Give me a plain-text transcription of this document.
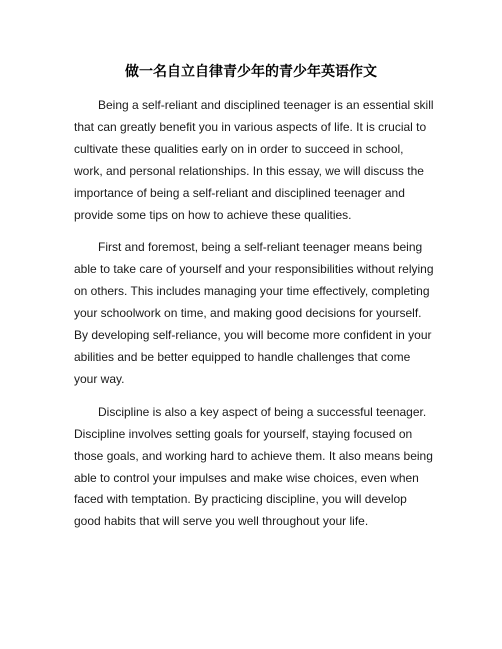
做一名自立自律青少年的青少年英语作文

Being a self-reliant and disciplined teenager is an essential skill that can greatly benefit you in various aspects of life. It is crucial to cultivate these qualities early on in order to succeed in school, work, and personal relationships. In this essay, we will discuss the importance of being a self-reliant and disciplined teenager and provide some tips on how to achieve these qualities.

First and foremost, being a self-reliant teenager means being able to take care of yourself and your responsibilities without relying on others. This includes managing your time effectively, completing your schoolwork on time, and making good decisions for yourself. By developing self-reliance, you will become more confident in your abilities and be better equipped to handle challenges that come your way.

Discipline is also a key aspect of being a successful teenager. Discipline involves setting goals for yourself, staying focused on those goals, and working hard to achieve them. It also means being able to control your impulses and make wise choices, even when faced with temptation. By practicing discipline, you will develop good habits that will serve you well throughout your life.
